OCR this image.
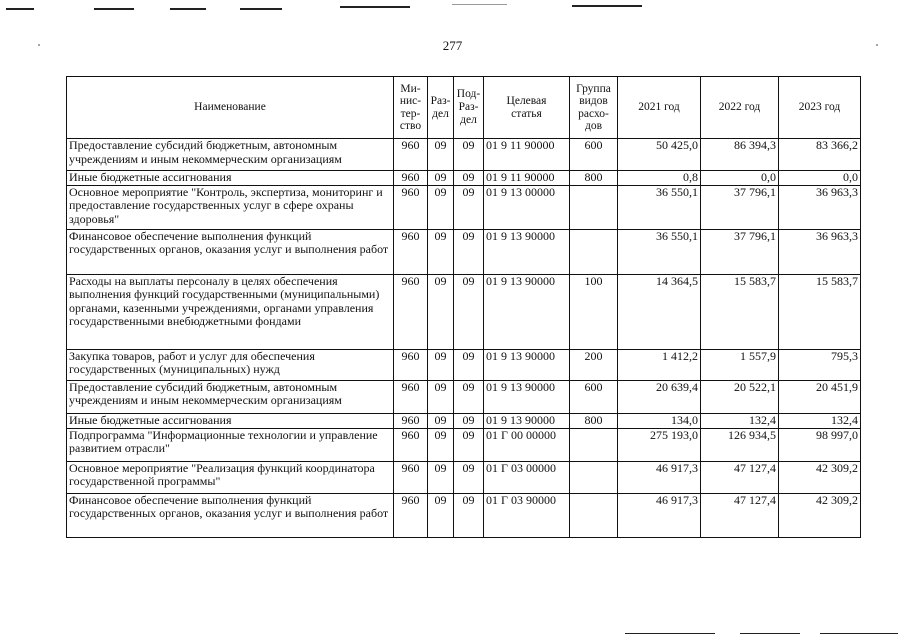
277
Наименование	Ми-
нис-
тер-
ство	Раз-
дел	Под-
Раз-
дел	Целевая
статья	Группа
видов
расхо-
дов	2021 год	2022 год	2023 год
Предоставление субсидий бюджетным, автономным учреждениям и иным некоммерческим организациям	960	09	09	01 9 11 90000	600	50 425,0	86 394,3	83 366,2
Иные бюджетные ассигнования	960	09	09	01 9 11 90000	800	0,8	0,0	0,0
Основное мероприятие "Контроль, экспертиза, мониторинг и предоставление государственных услуг в сфере охраны здоровья"	960	09	09	01 9 13 00000		36 550,1	37 796,1	36 963,3
Финансовое обеспечение выполнения функций государственных органов, оказания услуг и выполнения работ	960	09	09	01 9 13 90000		36 550,1	37 796,1	36 963,3
Расходы на выплаты персоналу в целях обеспечения выполнения функций государственными (муниципальными) органами, казенными учреждениями, органами управления государственными внебюджетными фондами	960	09	09	01 9 13 90000	100	14 364,5	15 583,7	15 583,7
Закупка товаров, работ и услуг для обеспечения государственных (муниципальных) нужд	960	09	09	01 9 13 90000	200	1 412,2	1 557,9	795,3
Предоставление субсидий бюджетным, автономным учреждениям и иным некоммерческим организациям	960	09	09	01 9 13 90000	600	20 639,4	20 522,1	20 451,9
Иные бюджетные ассигнования	960	09	09	01 9 13 90000	800	134,0	132,4	132,4
Подпрограмма "Информационные технологии и управление развитием отрасли"	960	09	09	01 Г 00 00000		275 193,0	126 934,5	98 997,0
Основное мероприятие "Реализация функций координатора государственной программы"	960	09	09	01 Г 03 00000		46 917,3	47 127,4	42 309,2
Финансовое обеспечение выполнения функций государственных органов, оказания услуг и выполнения работ	960	09	09	01 Г 03 90000		46 917,3	47 127,4	42 309,2
